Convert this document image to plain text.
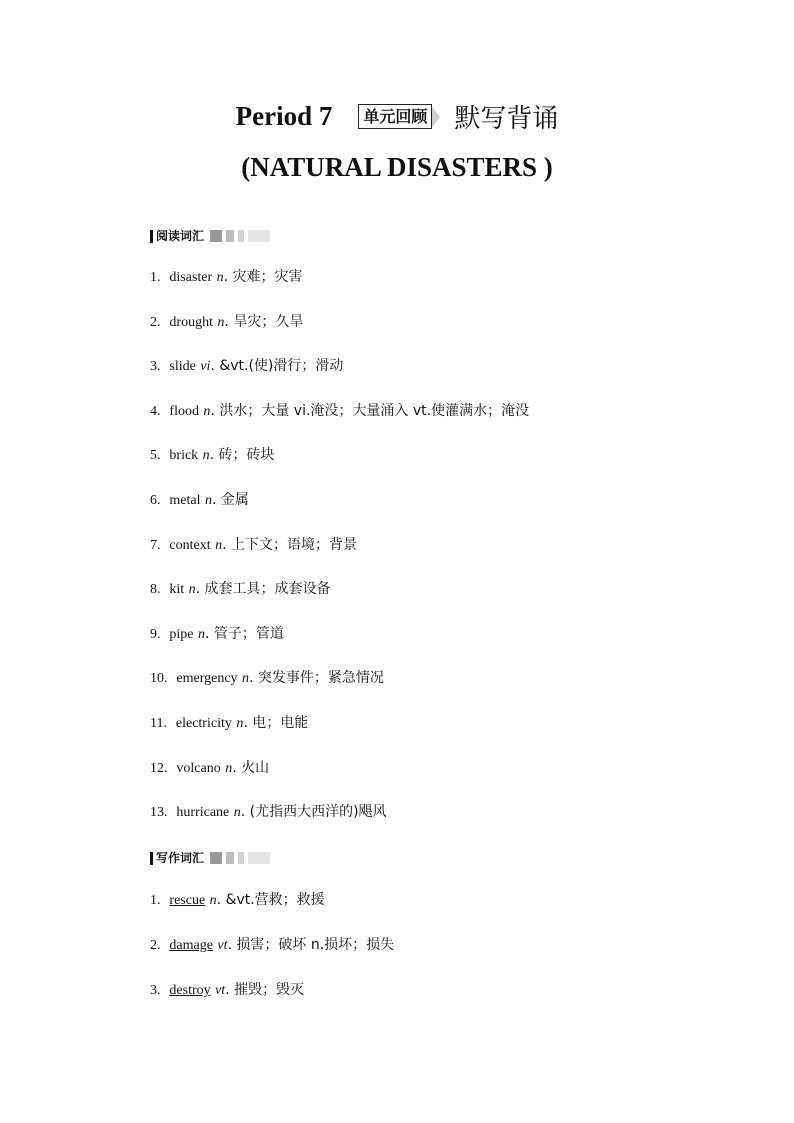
Period 7 单元回顾 默写背诵
(NATURAL DISASTERS )
阅读词汇
1. disaster n. 灾难；灾害
2. drought n. 旱灾；久旱
3. slide vi. &vt.(使)滑行；滑动
4. flood n. 洪水；大量 vi.淹没；大量涌入 vt.使灌满水；淹没
5. brick n. 砖；砖块
6. metal n. 金属
7. context n. 上下文；语境；背景
8. kit n. 成套工具；成套设备
9. pipe n. 管子；管道
10. emergency n. 突发事件；紧急情况
11. electricity n. 电；电能
12. volcano n. 火山
13. hurricane n. (尤指西大西洋的)飓风
写作词汇
1. rescue n. &vt.营救；救援
2. damage vt. 损害；破坏 n.损坏；损失
3. destroy vt. 摧毁；毁灭
